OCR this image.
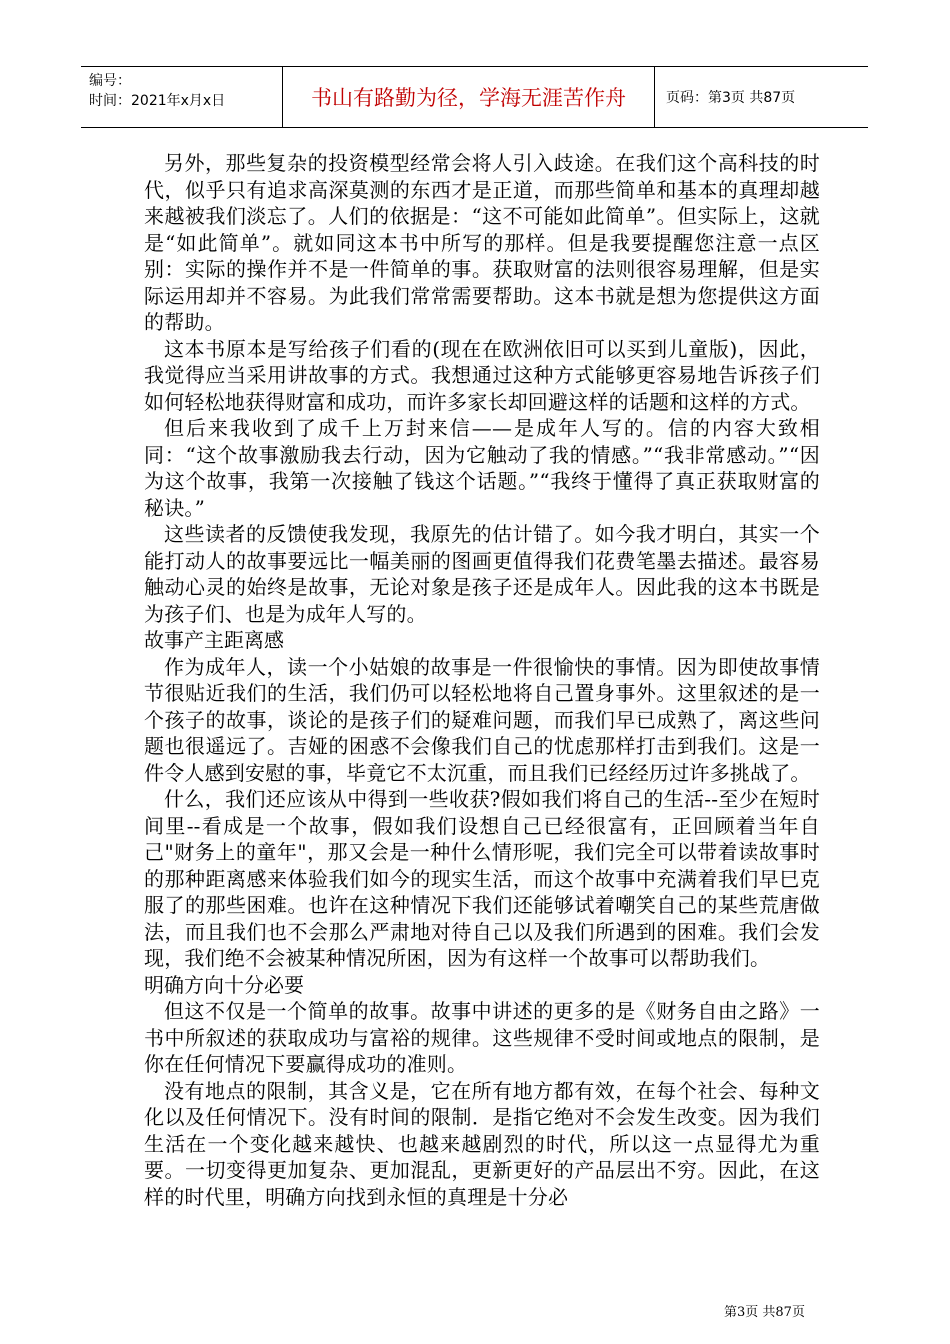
编号：
时间：2021年x月x日	书山有路勤为径，学海无涯苦作舟	页码：第3页 共87页

另外，那些复杂的投资模型经常会将人引入歧途。在我们这个高科技的时代，似乎只有追求高深莫测的东西才是正道，而那些简单和基本的真理却越来越被我们淡忘了。人们的依据是：“这不可能如此简单”。但实际上，这就是“如此简单”。就如同这本书中所写的那样。但是我要提醒您注意一点区别：实际的操作并不是一件简单的事。获取财富的法则很容易理解，但是实际运用却并不容易。为此我们常常需要帮助。这本书就是想为您提供这方面的帮助。

这本书原本是写给孩子们看的(现在在欧洲依旧可以买到儿童版)，因此，我觉得应当采用讲故事的方式。我想通过这种方式能够更容易地告诉孩子们如何轻松地获得财富和成功，而许多家长却回避这样的话题和这样的方式。

但后来我收到了成千上万封来信——是成年人写的。信的内容大致相同：“这个故事激励我去行动，因为它触动了我的情感。”“我非常感动。”“因为这个故事，我第一次接触了钱这个话题。”“我终于懂得了真正获取财富的秘诀。”

这些读者的反馈使我发现，我原先的估计错了。如今我才明白，其实一个能打动人的故事要远比一幅美丽的图画更值得我们花费笔墨去描述。最容易触动心灵的始终是故事，无论对象是孩子还是成年人。因此我的这本书既是为孩子们、也是为成年人写的。

故事产主距离感

作为成年人，读一个小姑娘的故事是一件很愉快的事情。因为即使故事情节很贴近我们的生活，我们仍可以轻松地将自己置身事外。这里叙述的是一个孩子的故事，谈论的是孩子们的疑难问题，而我们早已成熟了，离这些问题也很遥远了。吉娅的困惑不会像我们自己的忧虑那样打击到我们。这是一件令人感到安慰的事，毕竟它不太沉重，而且我们已经经历过许多挑战了。

什么，我们还应该从中得到一些收获?假如我们将自己的生活--至少在短时间里--看成是一个故事，假如我们设想自己已经很富有，正回顾着当年自己"财务上的童年"，那又会是一种什么情形呢，我们完全可以带着读故事时的那种距离感来体验我们如今的现实生活，而这个故事中充满着我们早巳克服了的那些困难。也许在这种情况下我们还能够试着嘲笑自己的某些荒唐做法，而且我们也不会那么严肃地对待自己以及我们所遇到的困难。我们会发现，我们绝不会被某种情况所困，因为有这样一个故事可以帮助我们。

明确方向十分必要

但这不仅是一个简单的故事。故事中讲述的更多的是《财务自由之路》一书中所叙述的获取成功与富裕的规律。这些规律不受时间或地点的限制，是你在任何情况下要赢得成功的准则。

没有地点的限制，其含义是，它在所有地方都有效，在每个社会、每种文化以及任何情况下。没有时间的限制．是指它绝对不会发生改变。因为我们生活在一个变化越来越快、也越来越剧烈的时代，所以这一点显得尤为重要。一切变得更加复杂、更加混乱，更新更好的产品层出不穷。因此，在这样的时代里，明确方向找到永恒的真理是十分必

第3页 共87页
